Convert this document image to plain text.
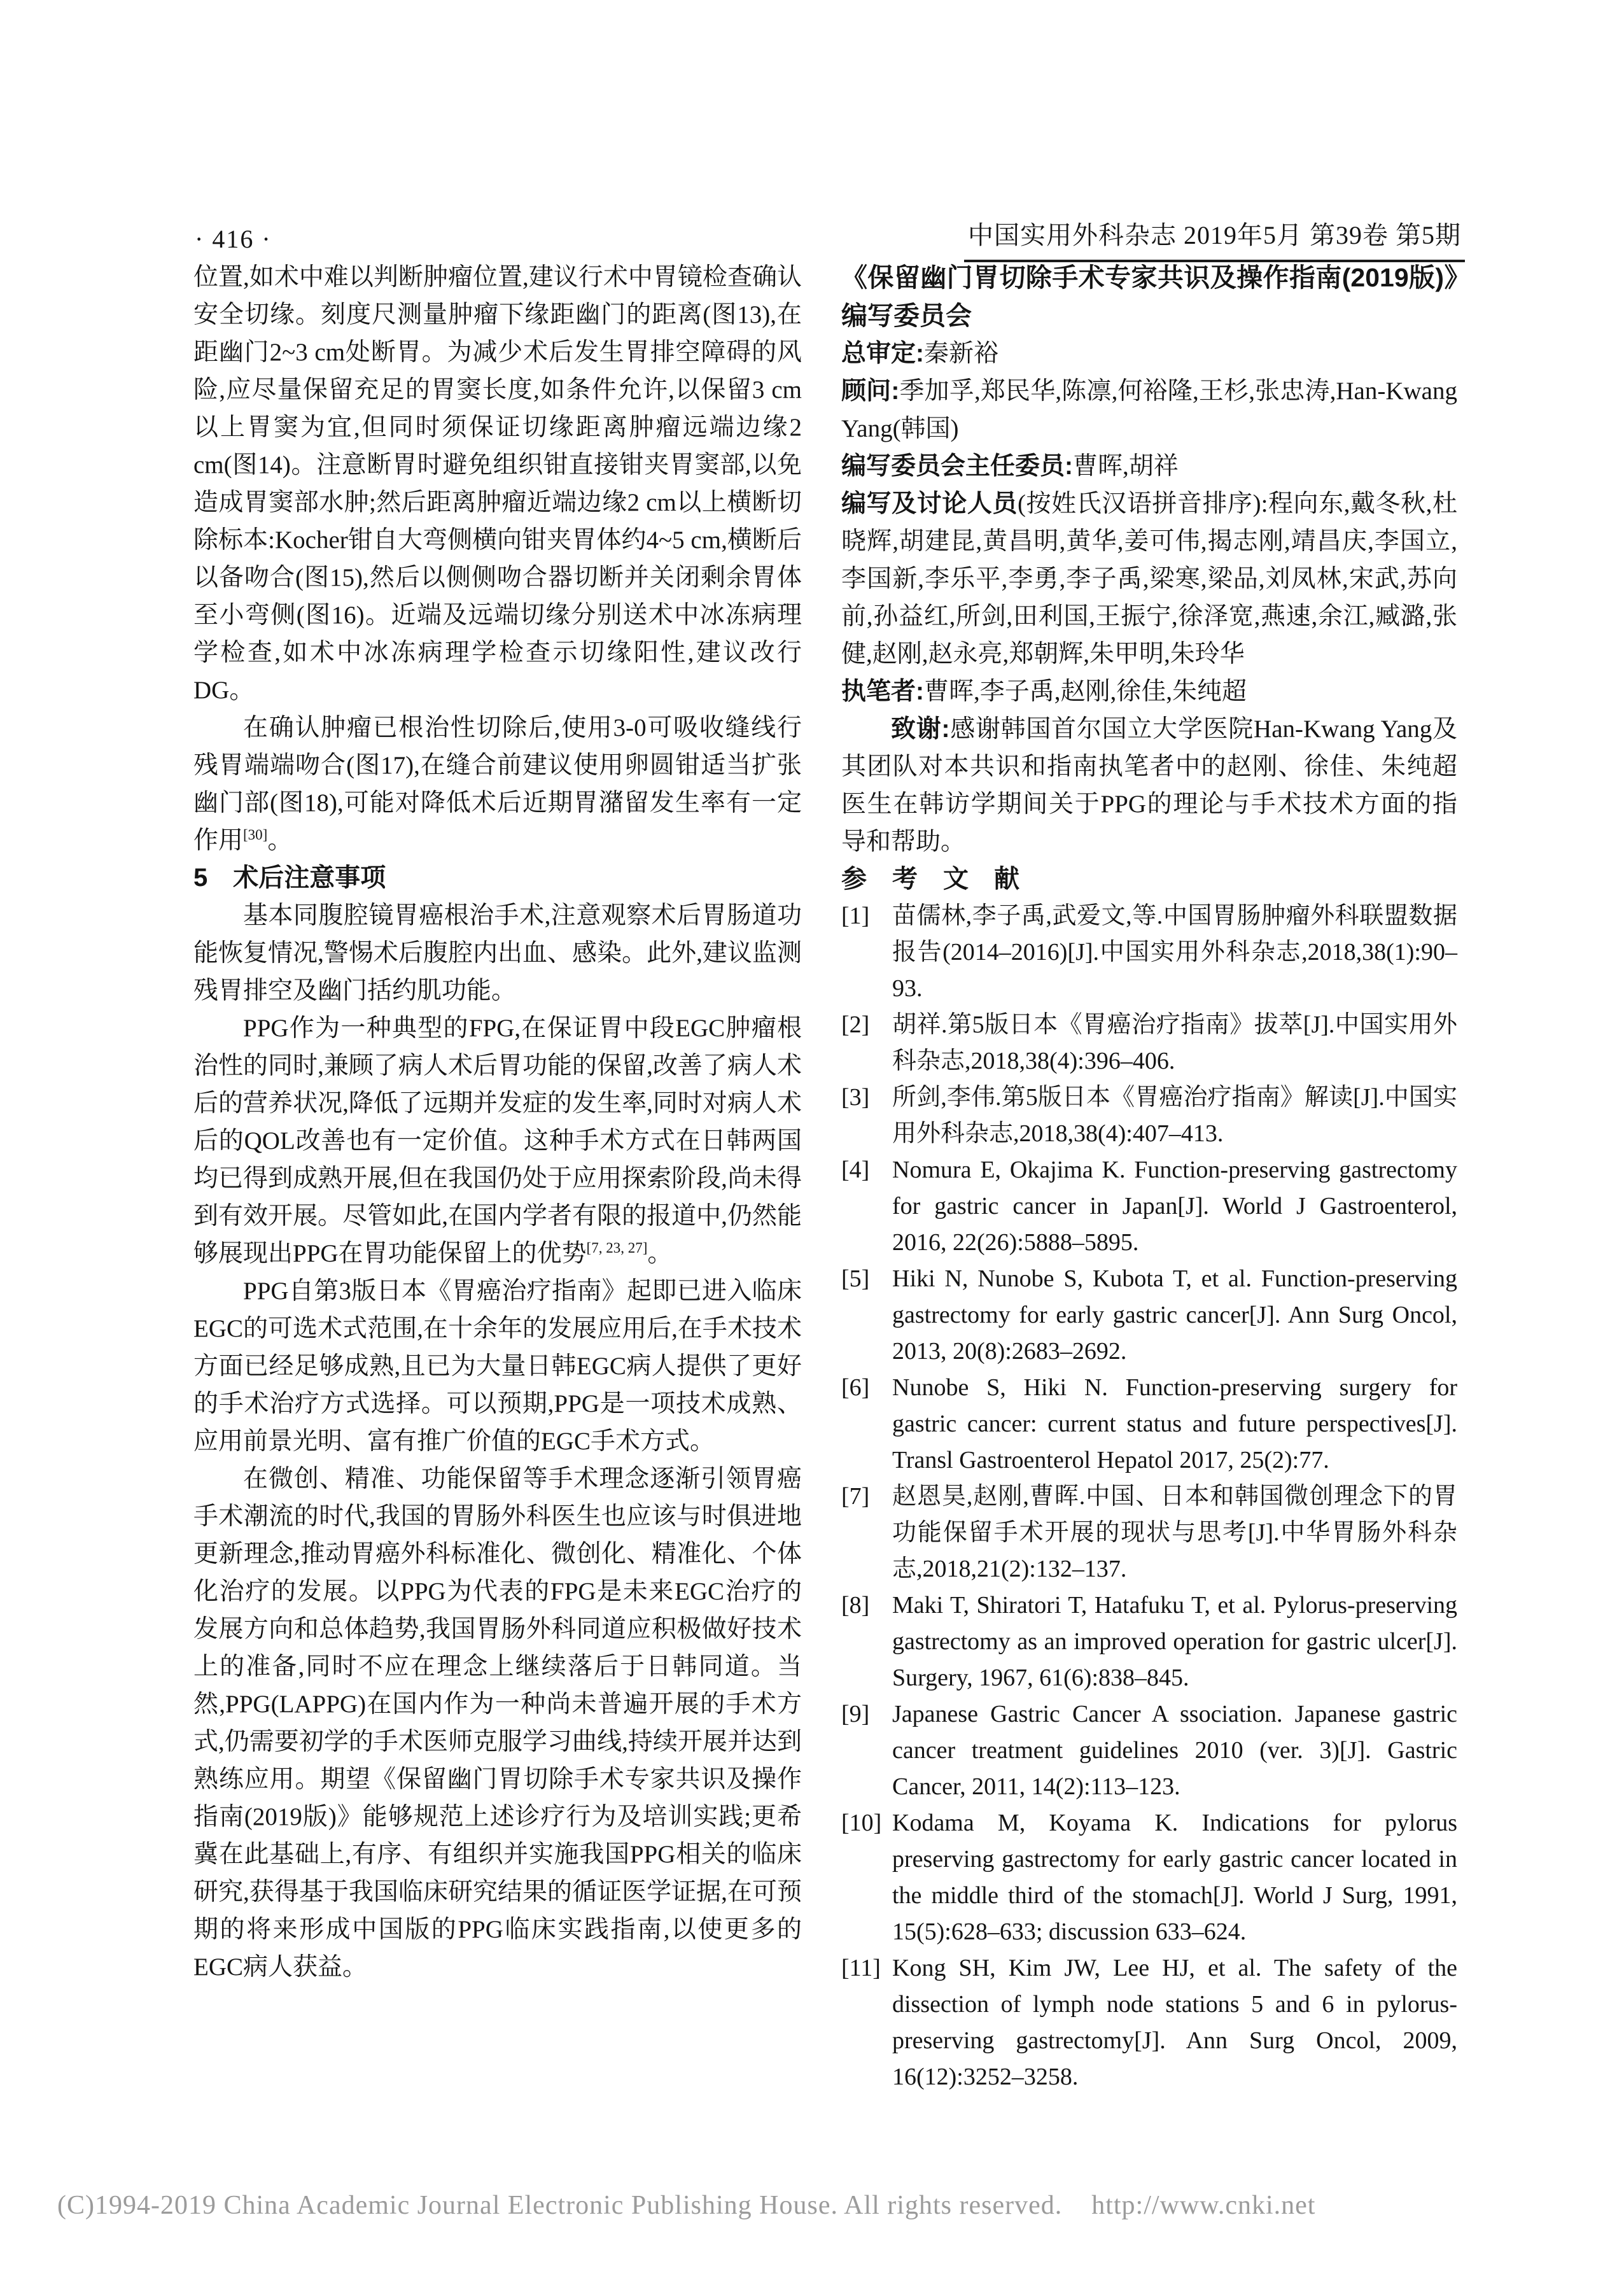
· 416 ·	中国实用外科杂志 2019年5月 第39卷 第5期

位置,如术中难以判断肿瘤位置,建议行术中胃镜检查确认安全切缘。刻度尺测量肿瘤下缘距幽门的距离(图13),在距幽门2~3 cm处断胃。为减少术后发生胃排空障碍的风险,应尽量保留充足的胃窦长度,如条件允许,以保留3 cm以上胃窦为宜,但同时须保证切缘距离肿瘤远端边缘2 cm(图14)。注意断胃时避免组织钳直接钳夹胃窦部,以免造成胃窦部水肿;然后距离肿瘤近端边缘2 cm以上横断切除标本:Kocher钳自大弯侧横向钳夹胃体约4~5 cm,横断后以备吻合(图15),然后以侧侧吻合器切断并关闭剩余胃体至小弯侧(图16)。近端及远端切缘分别送术中冰冻病理学检查,如术中冰冻病理学检查示切缘阳性,建议改行DG。

在确认肿瘤已根治性切除后,使用3-0可吸收缝线行残胃端端吻合(图17),在缝合前建议使用卵圆钳适当扩张幽门部(图18),可能对降低术后近期胃潴留发生率有一定作用[30]。

5　术后注意事项

基本同腹腔镜胃癌根治手术,注意观察术后胃肠道功能恢复情况,警惕术后腹腔内出血、感染。此外,建议监测残胃排空及幽门括约肌功能。

PPG作为一种典型的FPG,在保证胃中段EGC肿瘤根治性的同时,兼顾了病人术后胃功能的保留,改善了病人术后的营养状况,降低了远期并发症的发生率,同时对病人术后的QOL改善也有一定价值。这种手术方式在日韩两国均已得到成熟开展,但在我国仍处于应用探索阶段,尚未得到有效开展。尽管如此,在国内学者有限的报道中,仍然能够展现出PPG在胃功能保留上的优势[7, 23, 27]。

PPG自第3版日本《胃癌治疗指南》起即已进入临床EGC的可选术式范围,在十余年的发展应用后,在手术技术方面已经足够成熟,且已为大量日韩EGC病人提供了更好的手术治疗方式选择。可以预期,PPG是一项技术成熟、应用前景光明、富有推广价值的EGC手术方式。

在微创、精准、功能保留等手术理念逐渐引领胃癌手术潮流的时代,我国的胃肠外科医生也应该与时俱进地更新理念,推动胃癌外科标准化、微创化、精准化、个体化治疗的发展。以PPG为代表的FPG是未来EGC治疗的发展方向和总体趋势,我国胃肠外科同道应积极做好技术上的准备,同时不应在理念上继续落后于日韩同道。当然,PPG(LAPPG)在国内作为一种尚未普遍开展的手术方式,仍需要初学的手术医师克服学习曲线,持续开展并达到熟练应用。期望《保留幽门胃切除手术专家共识及操作指南(2019版)》能够规范上述诊疗行为及培训实践;更希冀在此基础上,有序、有组织并实施我国PPG相关的临床研究,获得基于我国临床研究结果的循证医学证据,在可预期的将来形成中国版的PPG临床实践指南,以使更多的EGC病人获益。

《保留幽门胃切除手术专家共识及操作指南(2019版)》编写委员会

总审定:秦新裕

顾问:季加孚,郑民华,陈凛,何裕隆,王杉,张忠涛,Han-Kwang Yang(韩国)

编写委员会主任委员:曹晖,胡祥

编写及讨论人员(按姓氏汉语拼音排序):程向东,戴冬秋,杜晓辉,胡建昆,黄昌明,黄华,姜可伟,揭志刚,靖昌庆,李国立,李国新,李乐平,李勇,李子禹,梁寒,梁品,刘凤林,宋武,苏向前,孙益红,所剑,田利国,王振宁,徐泽宽,燕速,余江,臧潞,张健,赵刚,赵永亮,郑朝辉,朱甲明,朱玲华

执笔者:曹晖,李子禹,赵刚,徐佳,朱纯超

致谢:感谢韩国首尔国立大学医院Han-Kwang Yang及其团队对本共识和指南执笔者中的赵刚、徐佳、朱纯超医生在韩访学期间关于PPG的理论与手术技术方面的指导和帮助。

参　考　文　献

[1] 苗儒林,李子禹,武爱文,等.中国胃肠肿瘤外科联盟数据报告(2014–2016)[J].中国实用外科杂志,2018,38(1):90–93.
[2] 胡祥.第5版日本《胃癌治疗指南》拔萃[J].中国实用外科杂志,2018,38(4):396–406.
[3] 所剑,李伟.第5版日本《胃癌治疗指南》解读[J].中国实用外科杂志,2018,38(4):407–413.
[4] Nomura E, Okajima K. Function-preserving gastrectomy for gastric cancer in Japan[J]. World J Gastroenterol, 2016, 22(26):5888–5895.
[5] Hiki N, Nunobe S, Kubota T, et al. Function-preserving gastrectomy for early gastric cancer[J]. Ann Surg Oncol, 2013, 20(8):2683–2692.
[6] Nunobe S, Hiki N. Function-preserving surgery for gastric cancer: current status and future perspectives[J]. Transl Gastroenterol Hepatol 2017, 25(2):77.
[7] 赵恩昊,赵刚,曹晖.中国、日本和韩国微创理念下的胃功能保留手术开展的现状与思考[J].中华胃肠外科杂志,2018,21(2):132–137.
[8] Maki T, Shiratori T, Hatafuku T, et al. Pylorus-preserving gastrectomy as an improved operation for gastric ulcer[J]. Surgery, 1967, 61(6):838–845.
[9] Japanese Gastric Cancer A ssociation. Japanese gastric cancer treatment guidelines 2010 (ver. 3)[J]. Gastric Cancer, 2011, 14(2):113–123.
[10] Kodama M, Koyama K. Indications for pylorus preserving gastrectomy for early gastric cancer located in the middle third of the stomach[J]. World J Surg, 1991, 15(5):628–633; discussion 633–624.
[11] Kong SH, Kim JW, Lee HJ, et al. The safety of the dissection of lymph node stations 5 and 6 in pylorus-preserving gastrectomy[J]. Ann Surg Oncol, 2009, 16(12):3252–3258.
(C)1994-2019 China Academic Journal Electronic Publishing House. All rights reserved.    http://www.cnki.net
